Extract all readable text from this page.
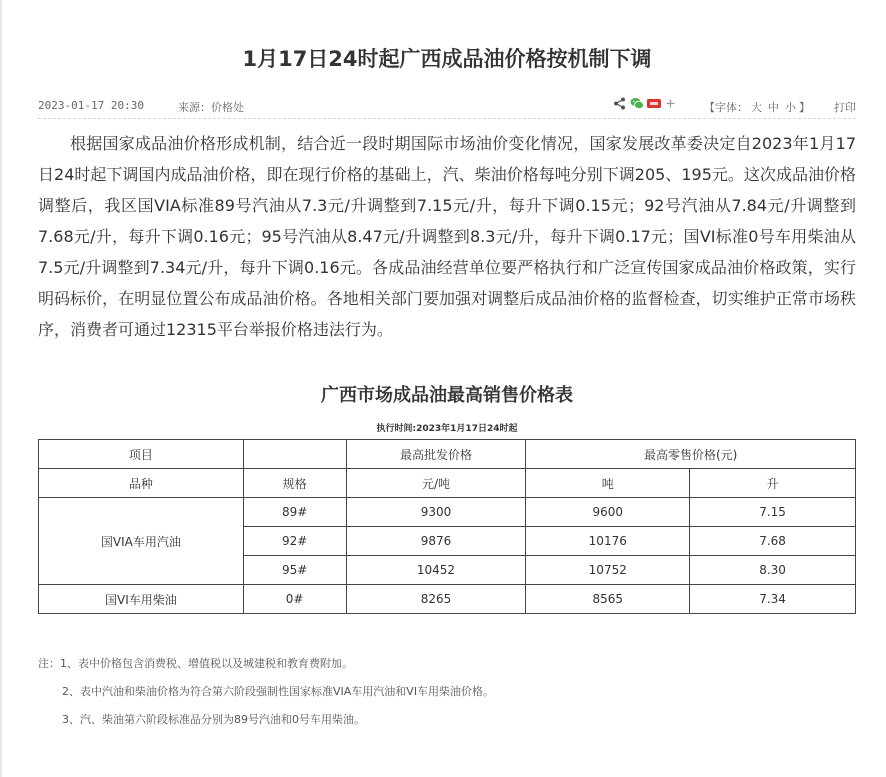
1月17日24时起广西成品油价格按机制下调
2023-01-17 20:30	来源：价格处	【字体： 大 中 小 】 打印

根据国家成品油价格形成机制，结合近一段时期国际市场油价变化情况，国家发展改革委决定自2023年1月17日24时起下调国内成品油价格，即在现行价格的基础上，汽、柴油价格每吨分别下调205、195元。这次成品油价格调整后，我区国VIA标准89号汽油从7.3元/升调整到7.15元/升，每升下调0.15元；92号汽油从7.84元/升调整到7.68元/升，每升下调0.16元；95号汽油从8.47元/升调整到8.3元/升，每升下调0.17元；国VI标准0号车用柴油从7.5元/升调整到7.34元/升，每升下调0.16元。各成品油经营单位要严格执行和广泛宣传国家成品油价格政策，实行明码标价，在明显位置公布成品油价格。各地相关部门要加强对调整后成品油价格的监督检查，切实维护正常市场秩序，消费者可通过12315平台举报价格违法行为。

广西市场成品油最高销售价格表
执行时间:2023年1月17日24时起
项目		最高批发价格	最高零售价格(元)	
品种	规格	元/吨	吨	升
国VIA车用汽油	89#	9300	9600	7.15
	92#	9876	10176	7.68
	95#	10452	10752	8.30
国VI车用柴油	0#	8265	8565	7.34
注：1、表中价格包含消费税、增值税以及城建税和教育费附加。
2、表中汽油和柴油价格为符合第六阶段强制性国家标准VIA车用汽油和VI车用柴油价格。
3、汽、柴油第六阶段标准品分别为89号汽油和0号车用柴油。
